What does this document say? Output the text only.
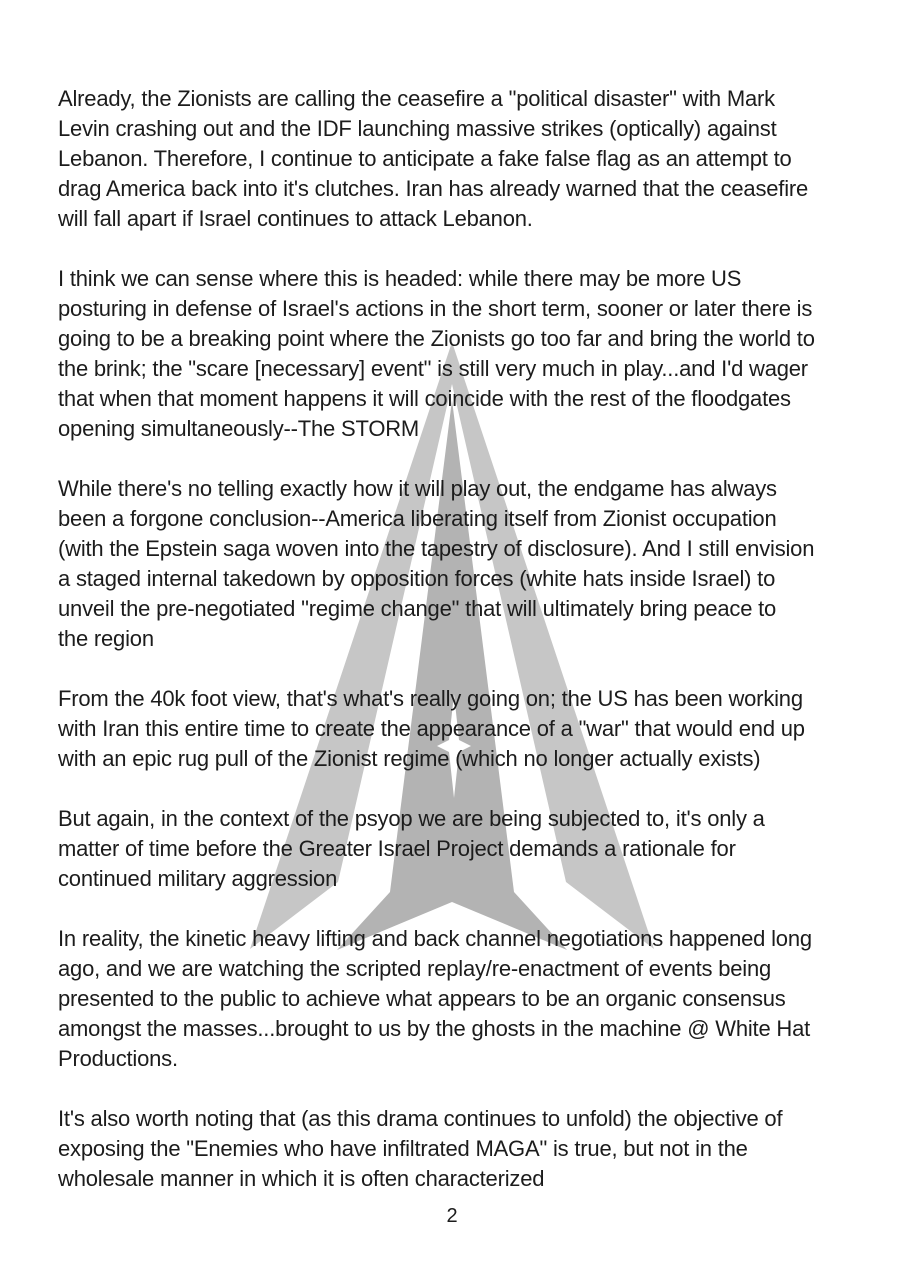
Already, the Zionists are calling the ceasefire a "political disaster" with Mark
Levin crashing out and the IDF launching massive strikes (optically) against
Lebanon. Therefore, I continue to anticipate a fake false flag as an attempt to
drag America back into it's clutches. Iran has already warned that the ceasefire
will fall apart if Israel continues to attack Lebanon.

I think we can sense where this is headed: while there may be more US
posturing in defense of Israel's actions in the short term, sooner or later there is
going to be a breaking point where the Zionists go too far and bring the world to
the brink; the "scare [necessary] event" is still very much in play...and I'd wager
that when that moment happens it will coincide with the rest of the floodgates
opening simultaneously--The STORM

While there's no telling exactly how it will play out, the endgame has always
been a forgone conclusion--America liberating itself from Zionist occupation
(with the Epstein saga woven into the tapestry of disclosure). And I still envision
a staged internal takedown by opposition forces (white hats inside Israel) to
unveil the pre-negotiated "regime change" that will ultimately bring peace to
the region

From the 40k foot view, that's what's really going on; the US has been working
with Iran this entire time to create the appearance of a "war" that would end up
with an epic rug pull of the Zionist regime (which no longer actually exists)

But again, in the context of the psyop we are being subjected to, it's only a
matter of time before the Greater Israel Project demands a rationale for
continued military aggression

In reality, the kinetic heavy lifting and back channel negotiations happened long
ago, and we are watching the scripted replay/re-enactment of events being
presented to the public to achieve what appears to be an organic consensus
amongst the masses...brought to us by the ghosts in the machine @ White Hat
Productions.

It's also worth noting that (as this drama continues to unfold) the objective of
exposing the "Enemies who have infiltrated MAGA" is true, but not in the
wholesale manner in which it is often characterized

2
